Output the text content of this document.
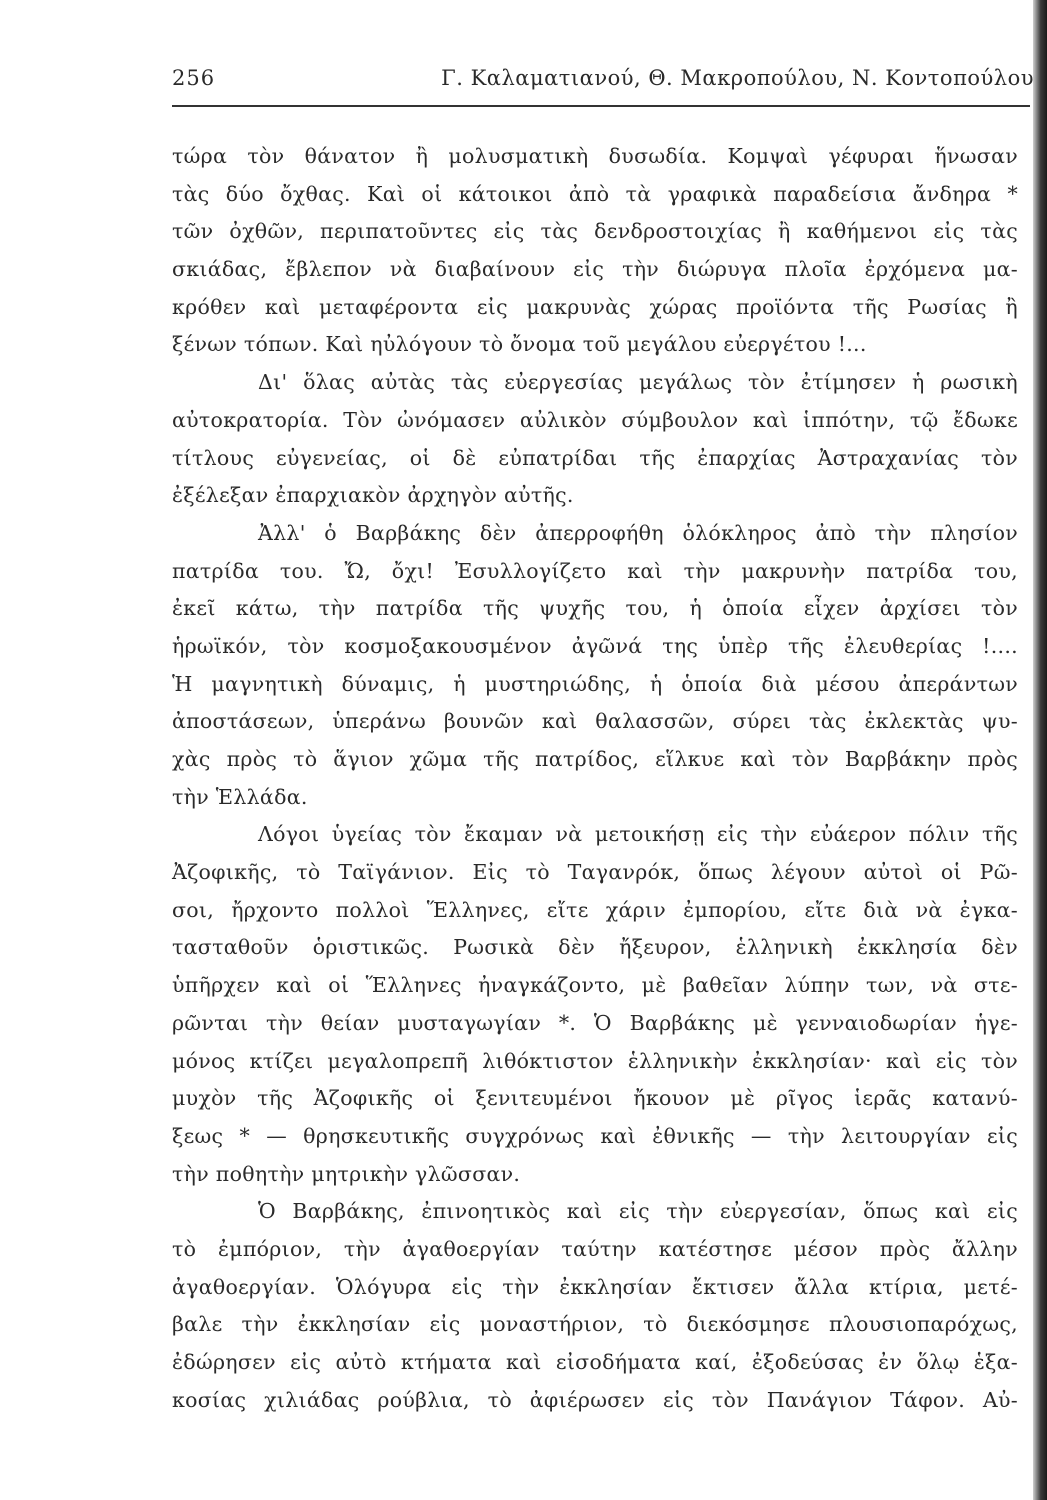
256	Γ. Καλαματιανού, Θ. Μακροπούλου, Ν. Κοντοπούλου
τώρα τὸν θάνατον ἢ μολυσματικὴ δυσωδία. Κομψαὶ γέφυραι ἥνωσαν
τὰς δύο ὄχθας. Καὶ οἱ κάτοικοι ἀπὸ τὰ γραφικὰ παραδείσια ἄνδηρα *
τῶν ὀχθῶν, περιπατοῦντες εἰς τὰς δενδροστοιχίας ἢ καθήμενοι εἰς τὰς
σκιάδας, ἔβλεπον νὰ διαβαίνουν εἰς τὴν διώρυγα πλοῖα ἐρχόμενα μα-
κρόθεν καὶ μεταφέροντα εἰς μακρυνὰς χώρας προϊόντα τῆς Ρωσίας ἢ
ξένων τόπων. Καὶ ηὐλόγουν τὸ ὄνομα τοῦ μεγάλου εὐεργέτου !...
Δι' ὅλας αὐτὰς τὰς εὐεργεσίας μεγάλως τὸν ἐτίμησεν ἡ ρωσικὴ
αὐτοκρατορία. Τὸν ὠνόμασεν αὐλικὸν σύμβουλον καὶ ἱππότην, τῷ ἔδωκε
τίτλους εὐγενείας, οἱ δὲ εὐπατρίδαι τῆς ἐπαρχίας Ἀστραχανίας τὸν
ἐξέλεξαν ἐπαρχιακὸν ἀρχηγὸν αὐτῆς.
Ἀλλ' ὁ Βαρβάκης δὲν ἀπερροφήθη ὁλόκληρος ἀπὸ τὴν πλησίον
πατρίδα του. Ὤ, ὄχι! Ἐσυλλογίζετο καὶ τὴν μακρυνὴν πατρίδα του,
ἐκεῖ κάτω, τὴν πατρίδα τῆς ψυχῆς του, ἡ ὁποία εἶχεν ἀρχίσει τὸν
ἡρωϊκόν, τὸν κοσμοξακουσμένον ἀγῶνά της ὑπὲρ τῆς ἐλευθερίας !....
Ἡ μαγνητικὴ δύναμις, ἡ μυστηριώδης, ἡ ὁποία διὰ μέσου ἀπεράντων
ἀποστάσεων, ὑπεράνω βουνῶν καὶ θαλασσῶν, σύρει τὰς ἐκλεκτὰς ψυ-
χὰς πρὸς τὸ ἅγιον χῶμα τῆς πατρίδος, εἵλκυε καὶ τὸν Βαρβάκην πρὸς
τὴν Ἑλλάδα.
Λόγοι ὑγείας τὸν ἔκαμαν νὰ μετοικήσῃ εἰς τὴν εὐάερον πόλιν τῆς
Ἀζοφικῆς, τὸ Ταϊγάνιον. Εἰς τὸ Ταγανρόκ, ὅπως λέγουν αὐτοὶ οἱ Ρῶ-
σοι, ἤρχοντο πολλοὶ Ἕλληνες, εἴτε χάριν ἐμπορίου, εἴτε διὰ νὰ ἐγκα-
τασταθοῦν ὁριστικῶς. Ρωσικὰ δὲν ἤξευρον, ἑλληνικὴ ἐκκλησία δὲν
ὑπῆρχεν καὶ οἱ Ἕλληνες ἠναγκάζοντο, μὲ βαθεῖαν λύπην των, νὰ στε-
ρῶνται τὴν θείαν μυσταγωγίαν *. Ὁ Βαρβάκης μὲ γενναιοδωρίαν ἡγε-
μόνος κτίζει μεγαλοπρεπῆ λιθόκτιστον ἑλληνικὴν ἐκκλησίαν· καὶ εἰς τὸν
μυχὸν τῆς Ἀζοφικῆς οἱ ξενιτευμένοι ἤκουον μὲ ρῖγος ἱερᾶς κατανύ-
ξεως * — θρησκευτικῆς συγχρόνως καὶ ἐθνικῆς — τὴν λειτουργίαν εἰς
τὴν ποθητὴν μητρικὴν γλῶσσαν.
Ὁ Βαρβάκης, ἐπινοητικὸς καὶ εἰς τὴν εὐεργεσίαν, ὅπως καὶ εἰς
τὸ ἐμπόριον, τὴν ἀγαθοεργίαν ταύτην κατέστησε μέσον πρὸς ἄλλην
ἀγαθοεργίαν. Ὁλόγυρα εἰς τὴν ἐκκλησίαν ἔκτισεν ἄλλα κτίρια, μετέ-
βαλε τὴν ἐκκλησίαν εἰς μοναστήριον, τὸ διεκόσμησε πλουσιοπαρόχως,
ἐδώρησεν εἰς αὐτὸ κτήματα καὶ εἰσοδήματα καί, ἐξοδεύσας ἐν ὅλῳ ἑξα-
κοσίας χιλιάδας ρούβλια, τὸ ἀφιέρωσεν εἰς τὸν Πανάγιον Τάφον. Αὐ-
